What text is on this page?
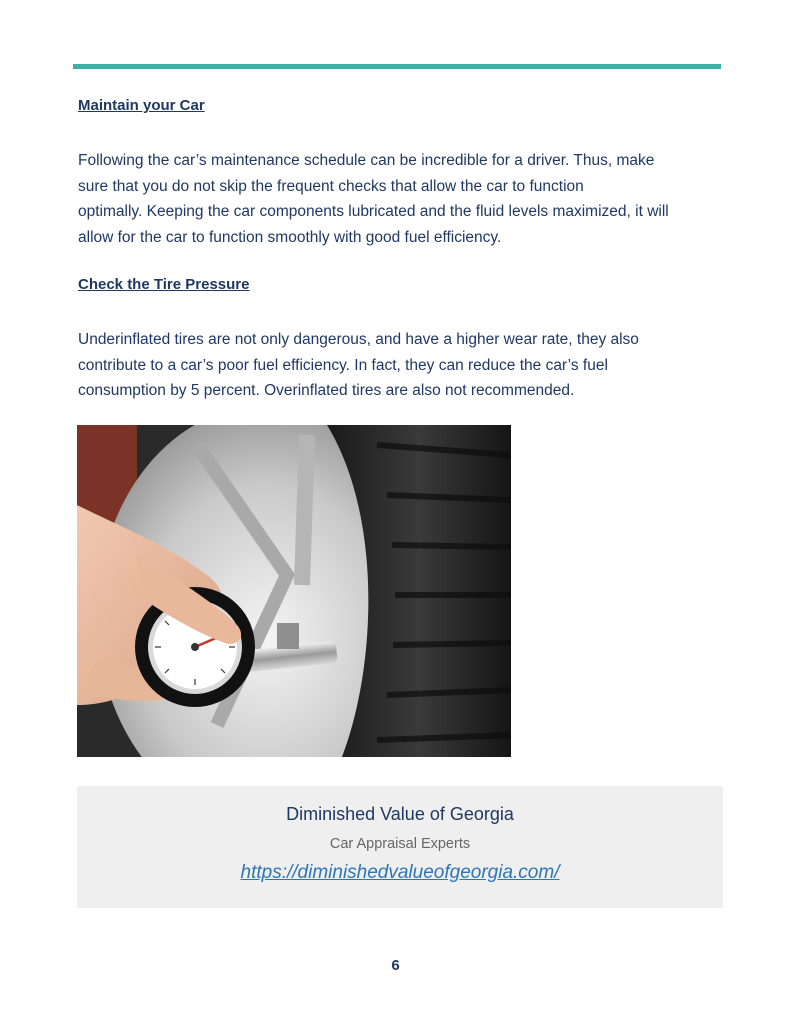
Maintain your Car

Following the car’s maintenance schedule can be incredible for a driver. Thus, make
sure that you do not skip the frequent checks that allow the car to function
optimally. Keeping the car components lubricated and the fluid levels maximized, it will
allow for the car to function smoothly with good fuel efficiency.

Check the Tire Pressure

Underinflated tires are not only dangerous, and have a higher wear rate, they also
contribute to a car’s poor fuel efficiency. In fact, they can reduce the car’s fuel
consumption by 5 percent. Overinflated tires are also not recommended.

Diminished Value of Georgia
Car Appraisal Experts
https://diminishedvalueofgeorgia.com/
6
